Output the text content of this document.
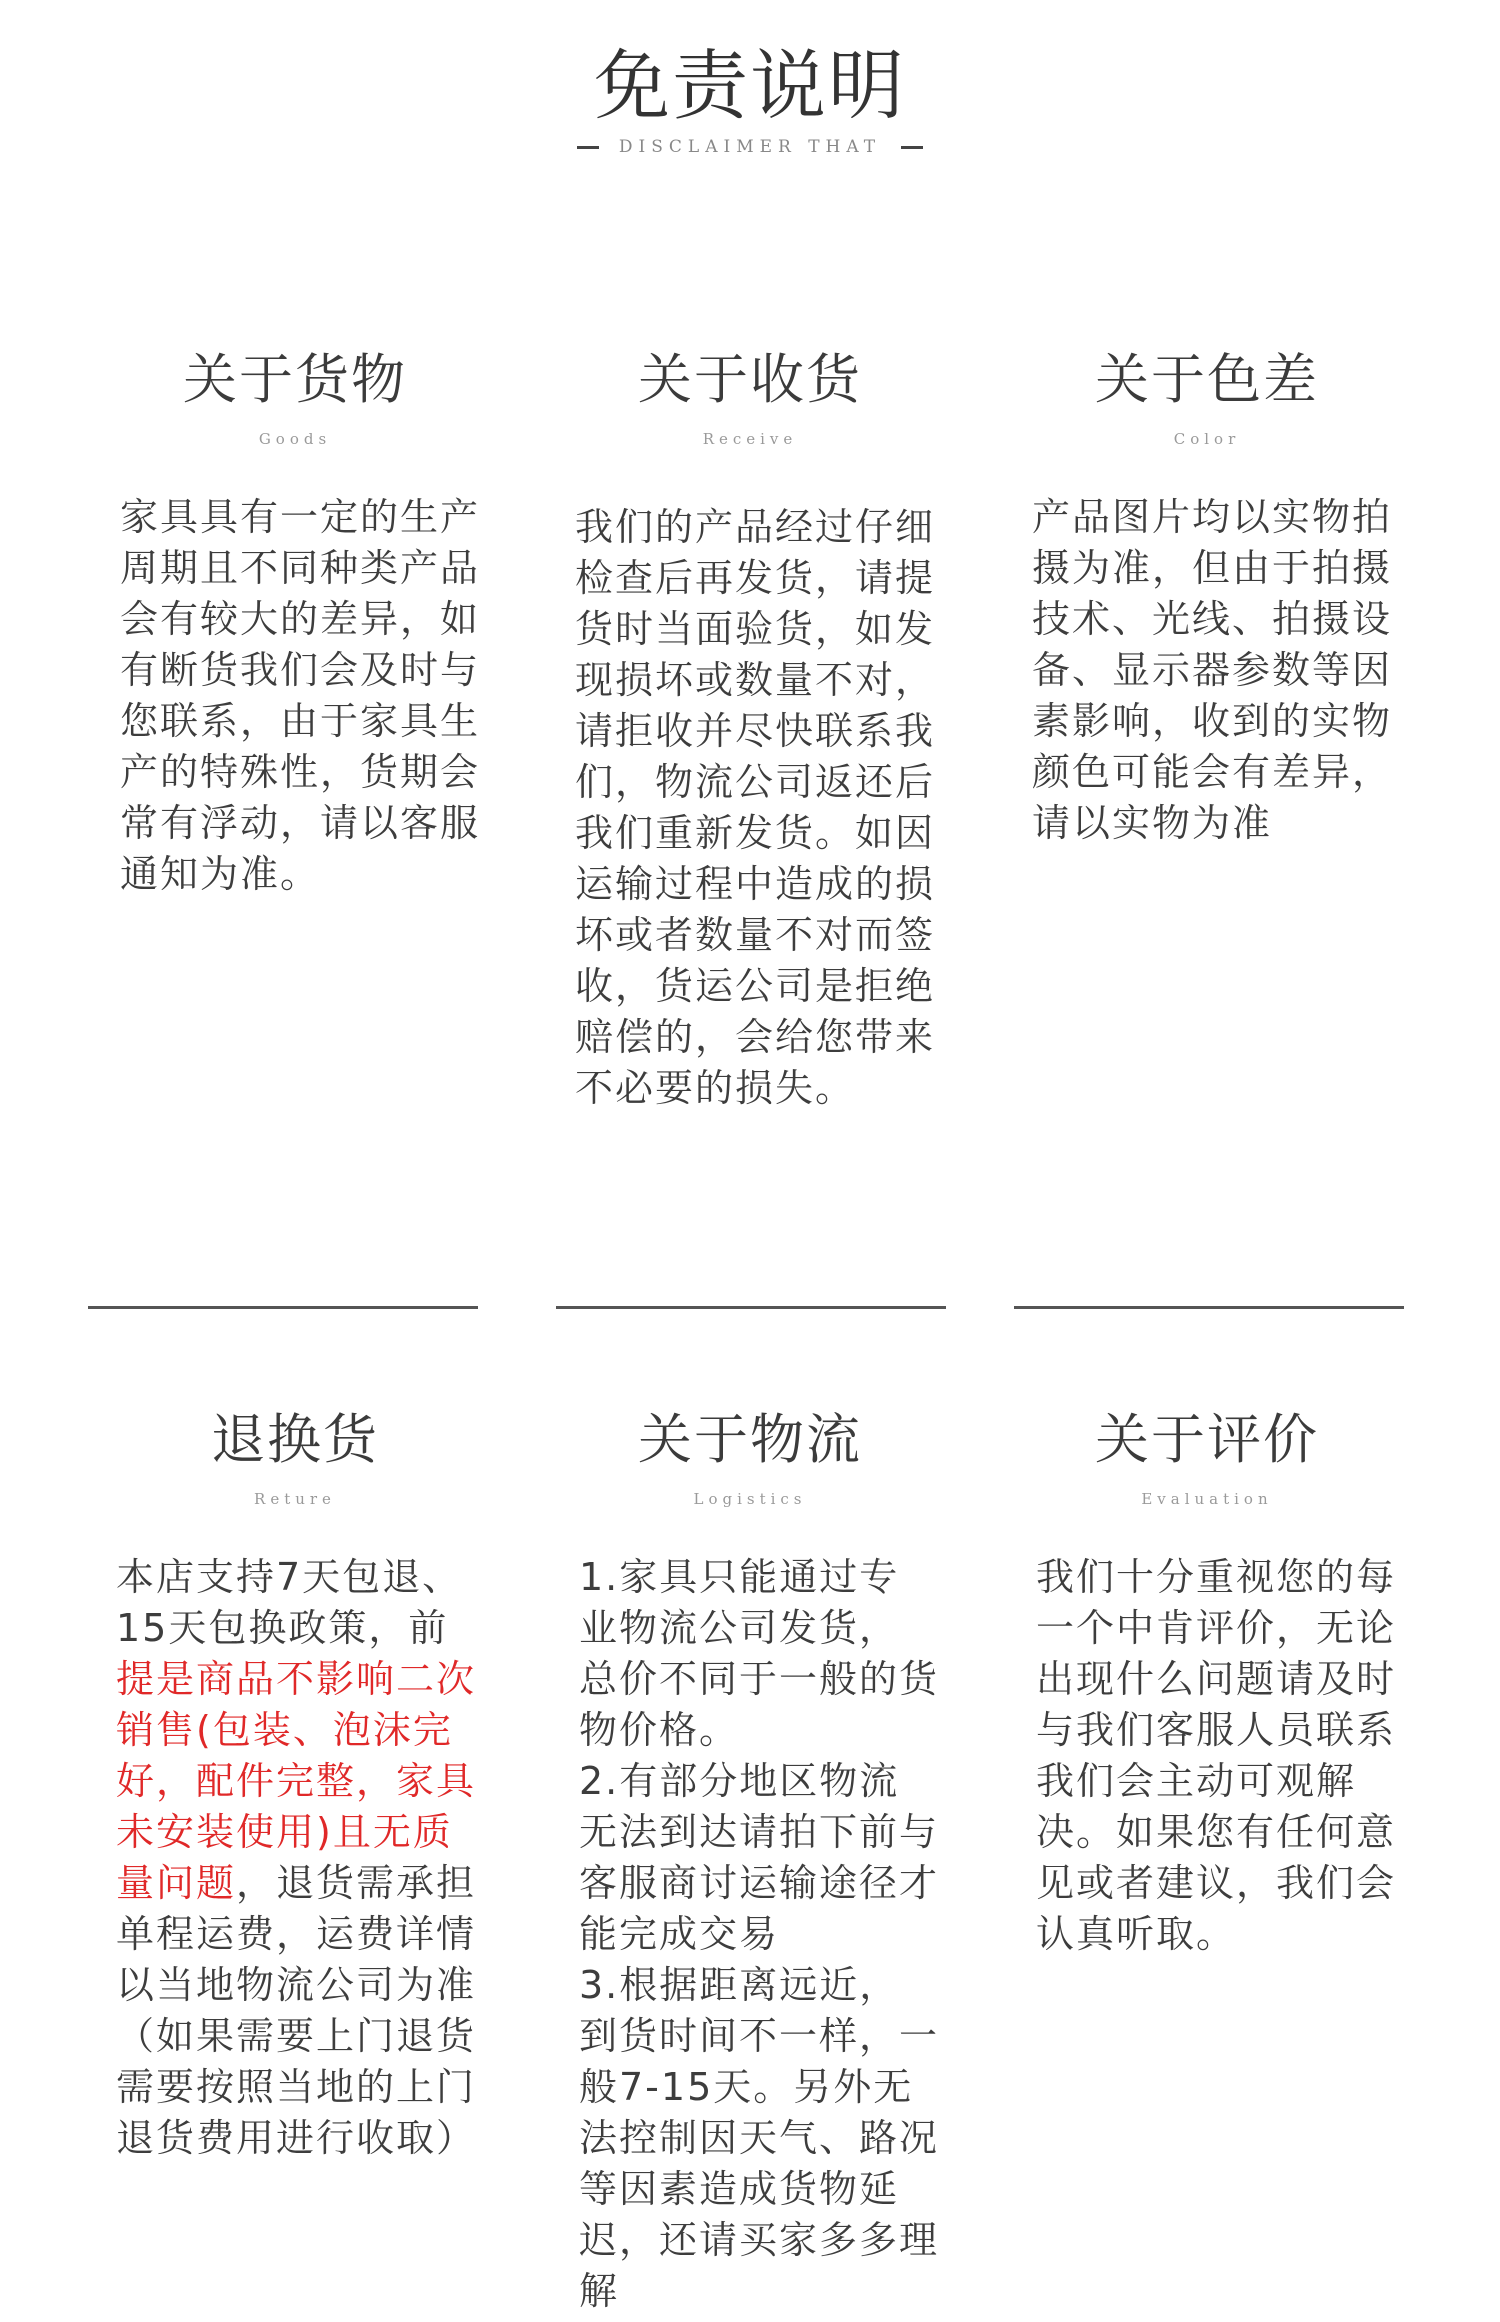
免责说明
DISCLAIMER THAT
关于货物
Goods
家具具有一定的生产周期且不同种类产品会有较大的差异，如有断货我们会及时与您联系，由于家具生产的特殊性，货期会常有浮动，请以客服通知为准。
关于收货
Receive
我们的产品经过仔细检查后再发货，请提货时当面验货，如发现损坏或数量不对，请拒收并尽快联系我们，物流公司返还后我们重新发货。如因运输过程中造成的损坏或者数量不对而签收，货运公司是拒绝赔偿的，会给您带来不必要的损失。
关于色差
Color
产品图片均以实物拍摄为准，但由于拍摄技术、光线、拍摄设备、显示器参数等因素影响，收到的实物颜色可能会有差异，请以实物为准
退换货
Reture
本店支持7天包退、15天包换政策，前提是商品不影响二次销售(包装、泡沫完好，配件完整，家具未安装使用)且无质量问题，退货需承担单程运费，运费详情以当地物流公司为准（如果需要上门退货需要按照当地的上门退货费用进行收取）
关于物流
Logistics
1.家具只能通过专业物流公司发货， 总价不同于一般的货物价格。
2.有部分地区物流无法到达请拍下前与客服商讨运输途径才能完成交易
3.根据距离远近，到货时间不一样，一般7-15天。另外无法控制因天气、路况等因素造成货物延迟，还请买家多多理解
关于评价
Evaluation
我们十分重视您的每一个中肯评价，无论出现什么问题请及时与我们客服人员联系我们会主动可观解决。如果您有任何意见或者建议，我们会认真听取。
